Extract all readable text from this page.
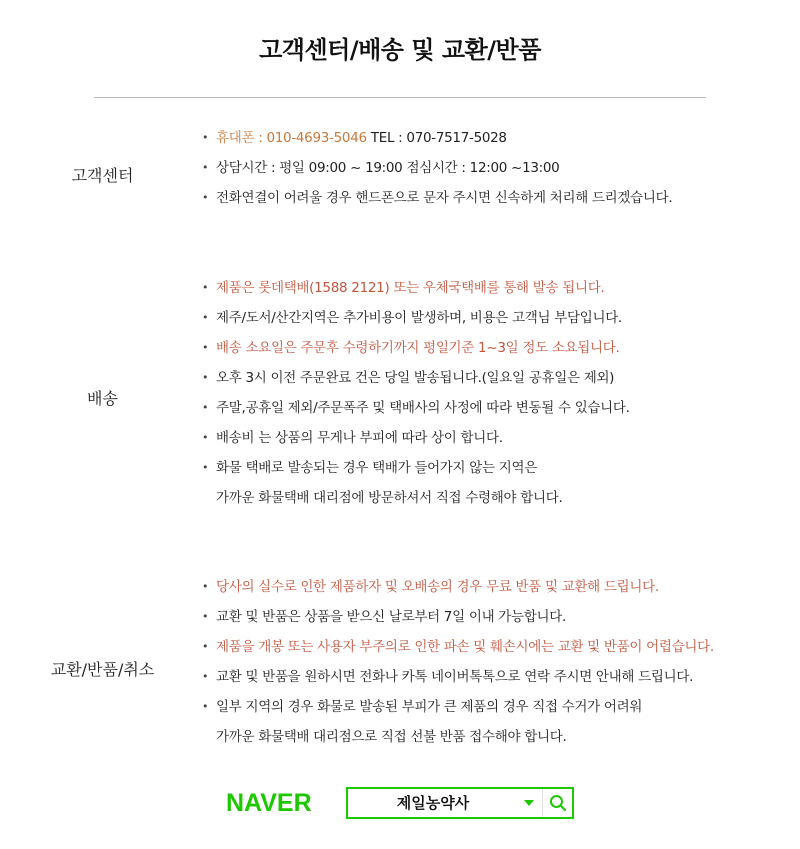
고객센터/배송 및 교환/반품
고객센터
• 휴대폰 : 010-4693-5046 TEL : 070-7517-5028
• 상담시간 : 평일 09:00 ~ 19:00 점심시간 : 12:00 ~13:00
• 전화연결이 어려울 경우 핸드폰으로 문자 주시면 신속하게 처리해 드리겠습니다.
배송
• 제품은 롯데택배(1588 2121) 또는 우체국택배를 통해 발송 됩니다.
• 제주/도서/산간지역은 추가비용이 발생하며, 비용은 고객님 부담입니다.
• 배송 소요일은 주문후 수령하기까지 평일기준 1~3일 정도 소요됩니다.
• 오후 3시 이전 주문완료 건은 당일 발송됩니다.(일요일 공휴일은 제외)
• 주말,공휴일 제외/주문폭주 및 택배사의 사정에 따라 변동될 수 있습니다.
• 배송비 는 상품의 무게나 부피에 따라 상이 합니다.
• 화물 택배로 발송되는 경우 택배가 들어가지 않는 지역은
가까운 화물택배 대리점에 방문하셔서 직접 수령해야 합니다.
교환/반품/취소
• 당사의 실수로 인한 제품하자 및 오배송의 경우 무료 반품 및 교환해 드립니다.
• 교환 및 반품은 상품을 받으신 날로부터 7일 이내 가능합니다.
• 제품을 개봉 또는 사용자 부주의로 인한 파손 및 훼손시에는 교환 및 반품이 어렵습니다.
• 교환 및 반품을 원하시면 전화나 카톡 네이버톡톡으로 연락 주시면 안내해 드립니다.
• 일부 지역의 경우 화물로 발송된 부피가 큰 제품의 경우 직접 수거가 어려워
가까운 화물택배 대리점으로 직접 선불 반품 접수해야 합니다.
NAVER	제일농약사
